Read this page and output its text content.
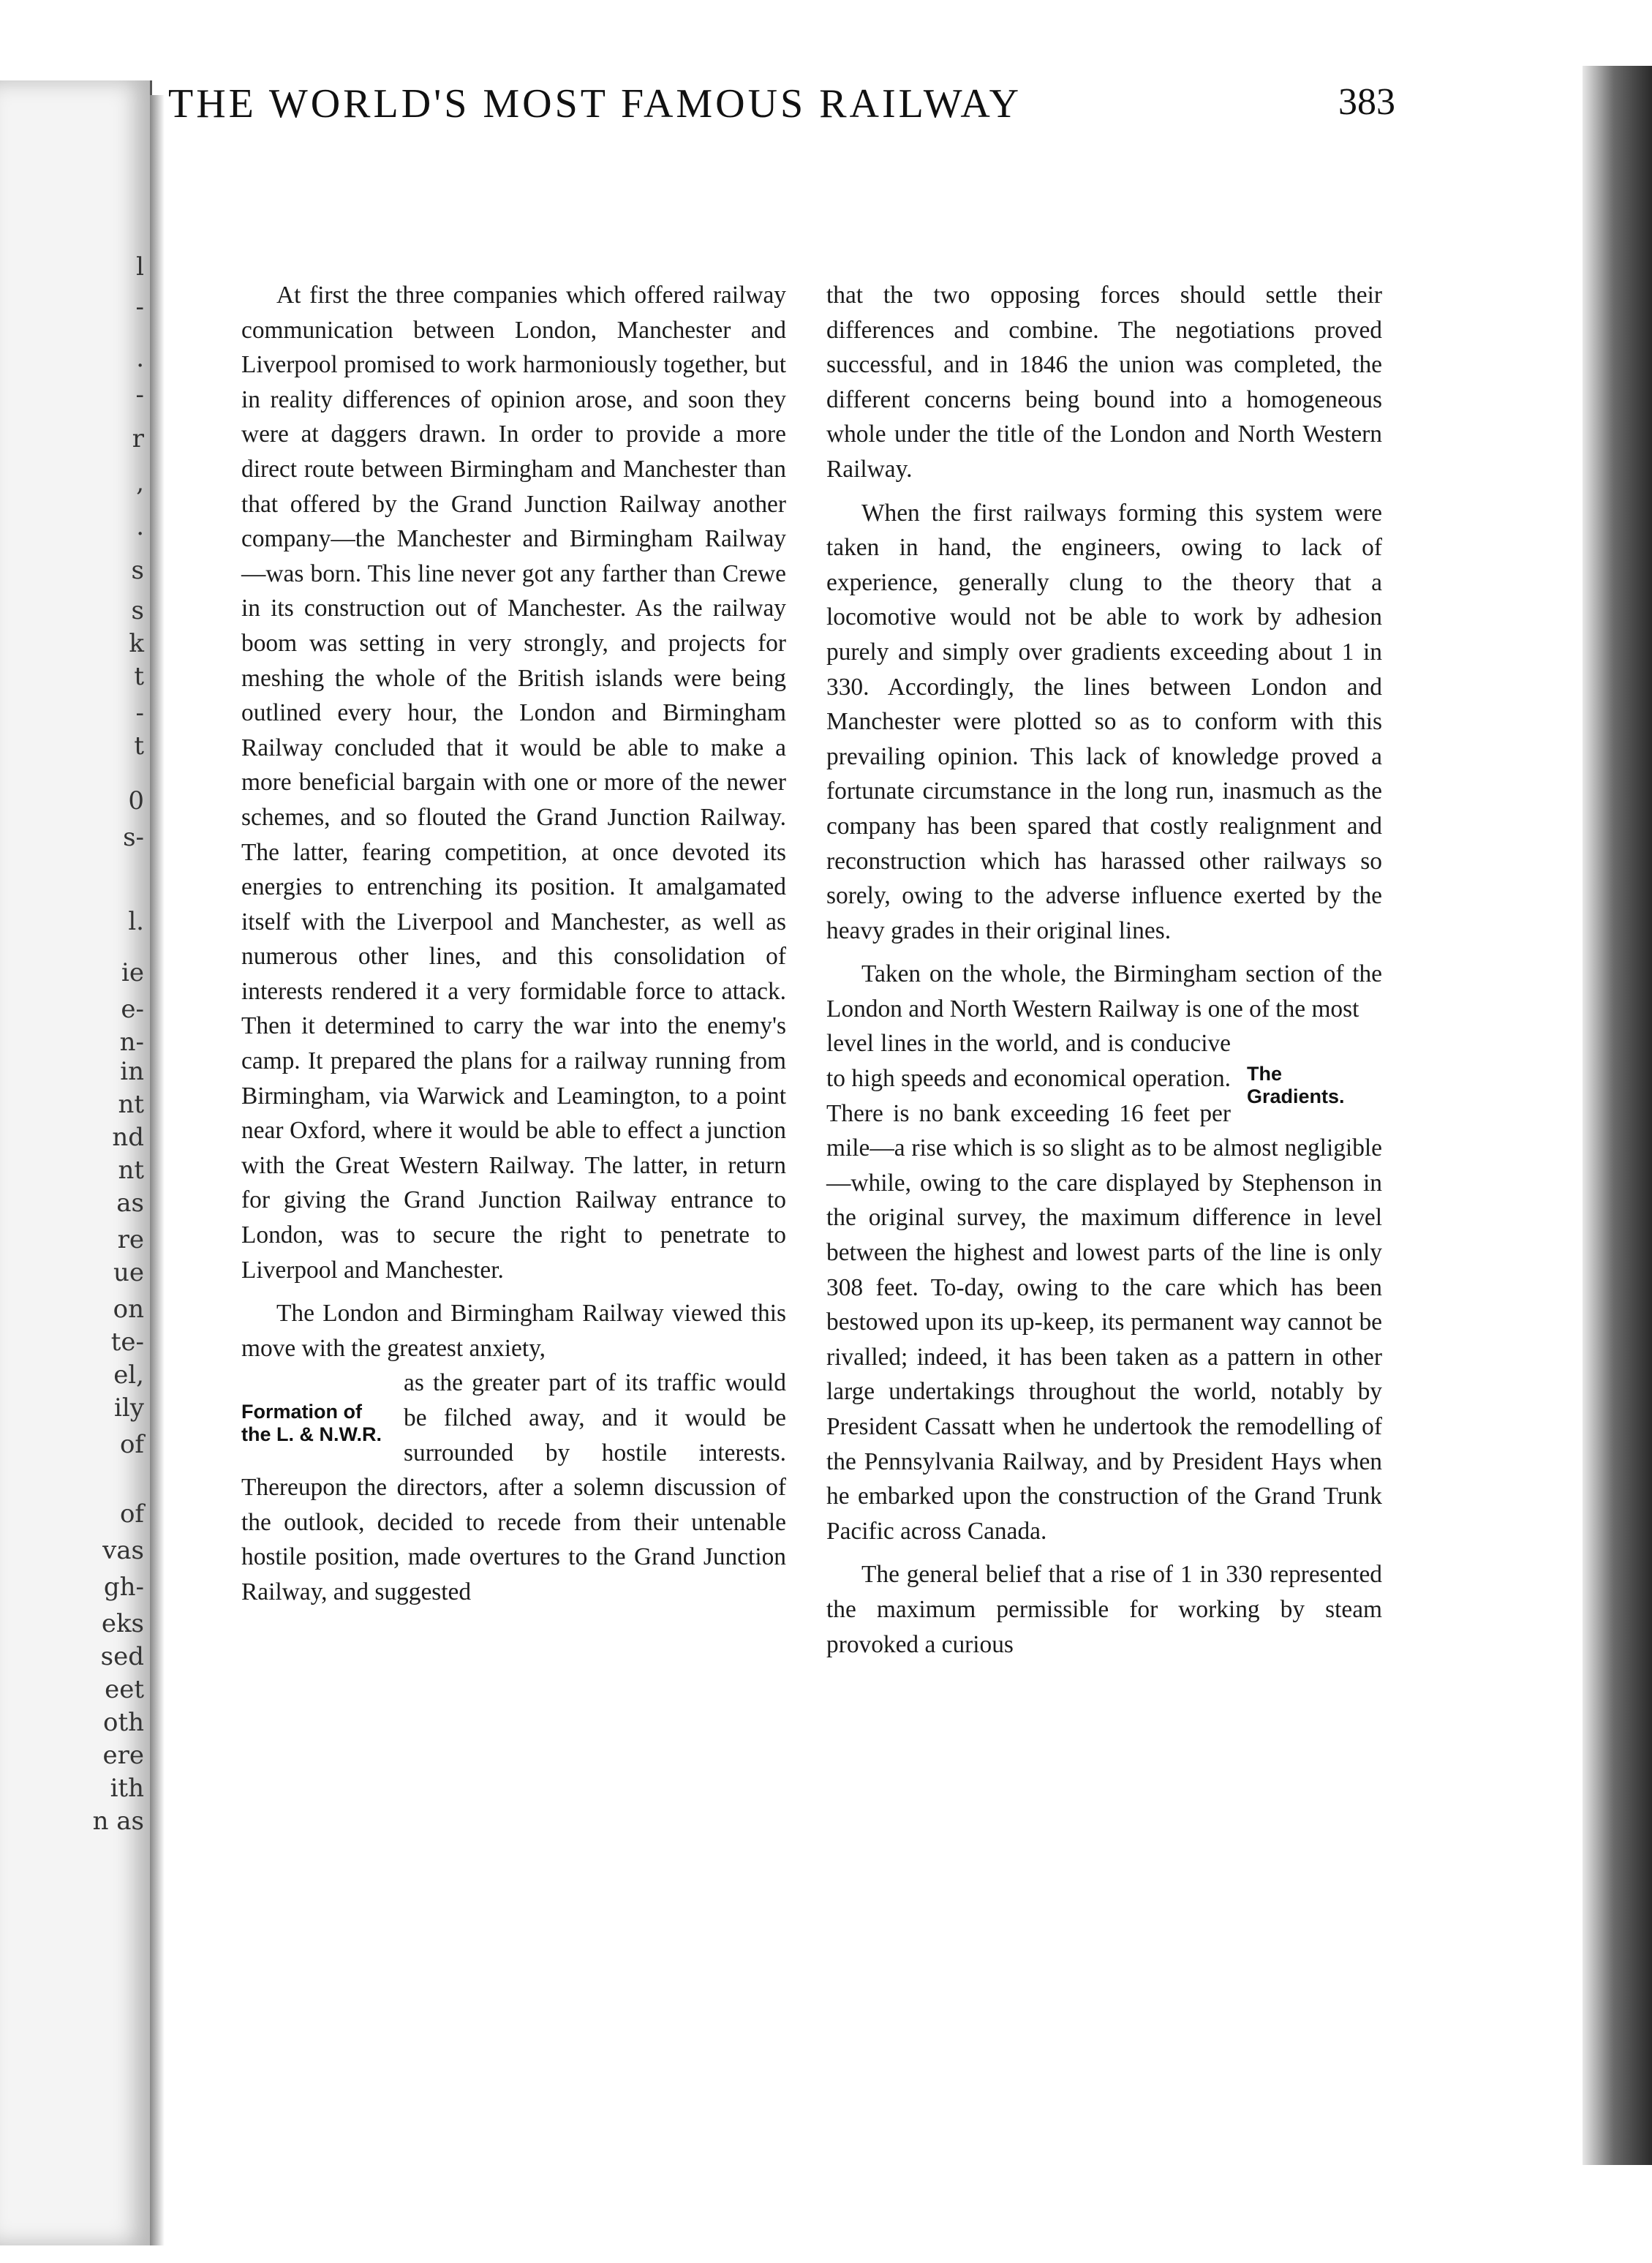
l
-
.
-
r
,
.
s
s
k
t
-
t
0
s-
l.
ie
e-
n-
in
nt
nd
nt
as
re
ue
on
te-
el,
ily
of
of
vas
gh-
eks
sed
eet
oth
ere
ith
n as
THE WORLD'S MOST FAMOUS RAILWAY	383

At first the three companies which offered railway communication between London, Manchester and Liverpool promised to work harmoniously together, but in reality differences of opinion arose, and soon they were at daggers drawn. In order to provide a more direct route between Birmingham and Manchester than that offered by the Grand Junction Railway another company—the Manchester and Birmingham Railway—was born. This line never got any farther than Crewe in its construction out of Manchester. As the railway boom was setting in very strongly, and projects for meshing the whole of the British islands were being outlined every hour, the London and Birmingham Railway concluded that it would be able to make a more beneficial bargain with one or more of the newer schemes, and so flouted the Grand Junction Railway. The latter, fearing competition, at once devoted its energies to entrenching its position. It amalgamated itself with the Liverpool and Manchester, as well as numerous other lines, and this consolidation of interests rendered it a very formidable force to attack. Then it determined to carry the war into the enemy's camp. It prepared the plans for a railway running from Birmingham, via Warwick and Leamington, to a point near Oxford, where it would be able to effect a junction with the Great Western Railway. The latter, in return for giving the Grand Junction Railway entrance to London, was to secure the right to penetrate to Liverpool and Manchester.

The London and Birmingham Railway viewed this move with the greatest anxiety,

Formation of the L. & N.W.R.

as the greater part of its traffic would be filched away, and it would be surrounded by hostile interests. Thereupon the directors, after a solemn discussion of the outlook, decided to recede from their untenable hostile position, made overtures to the Grand Junction Railway, and suggested

that the two opposing forces should settle their differences and combine. The negotiations proved successful, and in 1846 the union was completed, the different concerns being bound into a homogeneous whole under the title of the London and North Western Railway.

When the first railways forming this system were taken in hand, the engineers, owing to lack of experience, generally clung to the theory that a locomotive would not be able to work by adhesion purely and simply over gradients exceeding about 1 in 330. Accordingly, the lines between London and Manchester were plotted so as to conform with this prevailing opinion. This lack of knowledge proved a fortunate circumstance in the long run, inasmuch as the company has been spared that costly realignment and reconstruction which has harassed other railways so sorely, owing to the adverse influence exerted by the heavy grades in their original lines.

Taken on the whole, the Birmingham section of the London and North Western Railway is one of the most

The Gradients.

level lines in the world, and is conducive to high speeds and economical operation. There is no bank exceeding 16 feet per mile—a rise which is so slight as to be almost negligible—while, owing to the care displayed by Stephenson in the original survey, the maximum difference in level between the highest and lowest parts of the line is only 308 feet. To-day, owing to the care which has been bestowed upon its up-keep, its permanent way cannot be rivalled; indeed, it has been taken as a pattern in other large undertakings throughout the world, notably by President Cassatt when he undertook the remodelling of the Pennsylvania Railway, and by President Hays when he embarked upon the construction of the Grand Trunk Pacific across Canada.

The general belief that a rise of 1 in 330 represented the maximum permissible for working by steam provoked a curious
